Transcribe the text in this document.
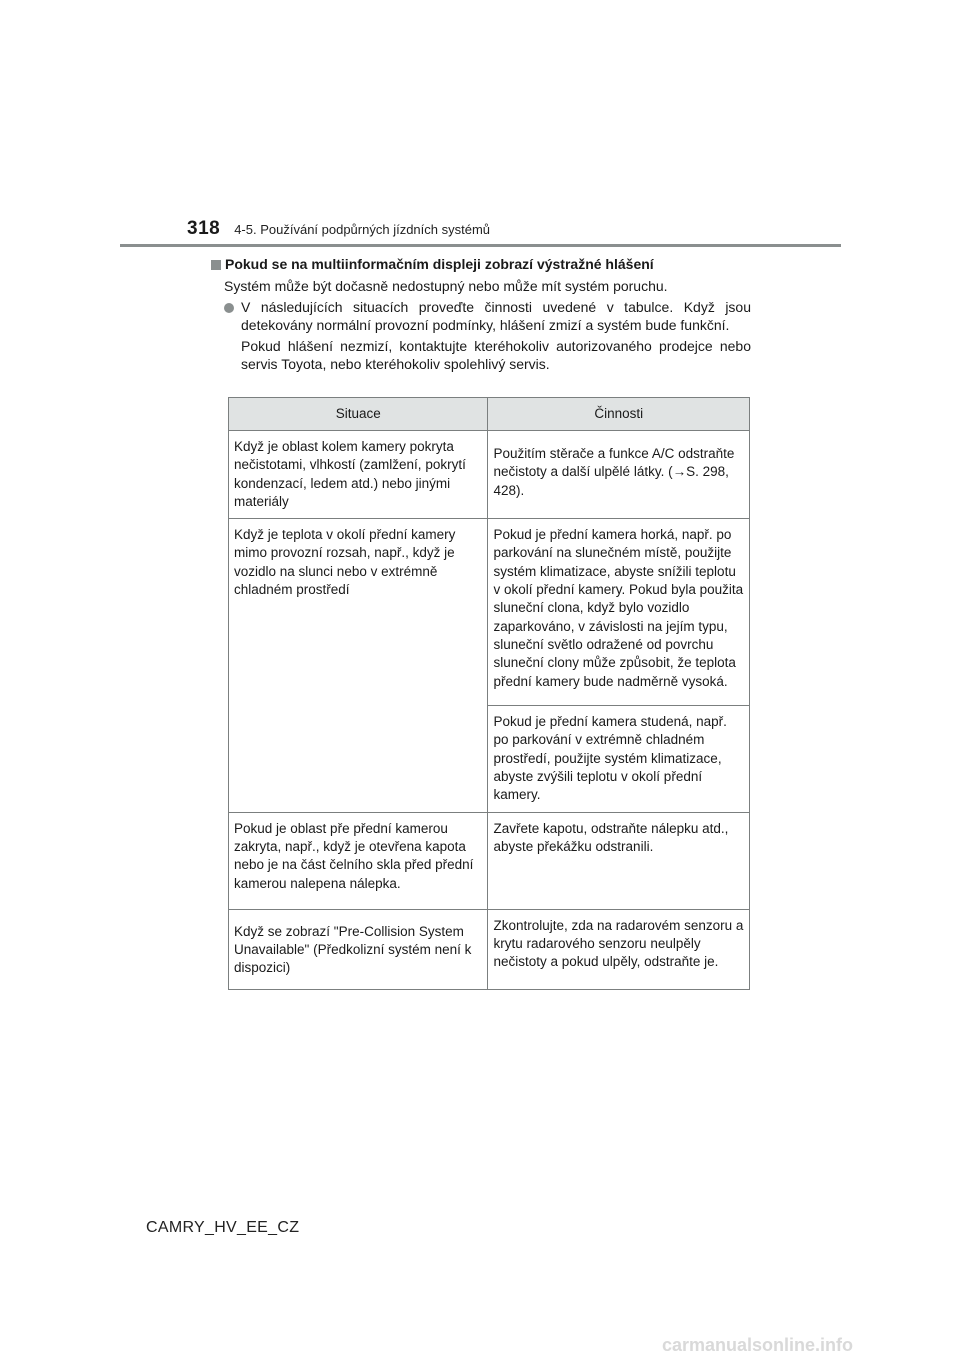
318 4-5. Používání podpůrných jízdních systémů
Pokud se na multiinformačním displeji zobrazí výstražné hlášení
Systém může být dočasně nedostupný nebo může mít systém poruchu.

V následujících situacích proveďte činnosti uvedené v tabulce. Když jsou detekovány normální provozní podmínky, hlášení zmizí a systém bude funkční.

Pokud hlášení nezmizí, kontaktujte kteréhokoliv autorizovaného prodejce nebo servis Toyota, nebo kteréhokoliv spolehlivý servis.

Situace	Činnosti
Když je oblast kolem kamery pokryta nečistotami, vlhkostí (zamlžení, pokrytí kondenzací, ledem atd.) nebo jinými materiály	Použitím stěrače a funkce A/C odstraňte nečistoty a další ulpělé látky. (→S. 298, 428).
Když je teplota v okolí přední kamery mimo provozní rozsah, např., když je vozidlo na slunci nebo v extrémně chladném prostředí	Pokud je přední kamera horká, např. po parkování na slunečném místě, použijte systém klimatizace, abyste snížili teplotu v okolí přední kamery. Pokud byla použita sluneční clona, když bylo vozidlo zaparkováno, v závislosti na jejím typu, sluneční světlo odražené od povrchu sluneční clony může způsobit, že teplota přední kamery bude nadměrně vysoká.
	Pokud je přední kamera studená, např. po parkování v extrémně chladném prostředí, použijte systém klimatizace, abyste zvýšili teplotu v okolí přední kamery.
Pokud je oblast pře přední kamerou zakryta, např., když je otevřena kapota nebo je na část čelního skla před přední kamerou nalepena nálepka.	Zavřete kapotu, odstraňte nálepku atd., abyste překážku odstranili.
Když se zobrazí "Pre-Collision System Unavailable" (Předkolizní systém není k dispozici)	Zkontrolujte, zda na radarovém senzoru a krytu radarového senzoru neulpěly nečistoty a pokud ulpěly, odstraňte je.
CAMRY_HV_EE_CZ
carmanualsonline.info
